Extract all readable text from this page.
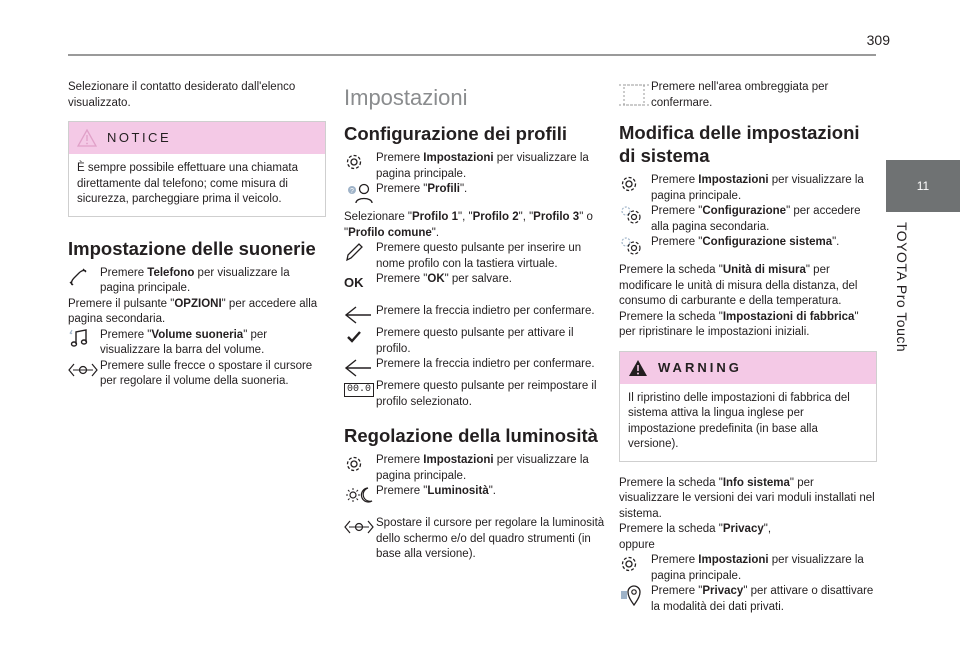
309
11
TOYOTA Pro Touch

Selezionare il contatto desiderato dall'elenco visualizzato.

NOTICE
È sempre possibile effettuare una chiamata direttamente dal telefono; come misura di sicurezza, parcheggiare prima il veicolo.
Impostazione delle suonerie
Premere Telefono per visualizzare la pagina principale.

Premere il pulsante "OPZIONI" per accedere alla pagina secondaria.

Premere "Volume suoneria" per visualizzare la barra del volume.
Premere sulle frecce o spostare il cursore per regolare il volume della suoneria.
Impostazioni
Configurazione dei profili
Premere Impostazioni per visualizzare la pagina principale.
? Premere "Profili".

Selezionare "Profilo 1", "Profilo 2", "Profilo 3" o "Profilo comune".

Premere questo pulsante per inserire un nome profilo con la tastiera virtuale.
OK Premere "OK" per salvare.
Premere la freccia indietro per confermare.
Premere questo pulsante per attivare il profilo.
Premere la freccia indietro per confermare.
00.0 Premere questo pulsante per reimpostare il profilo selezionato.
Regolazione della luminosità
Premere Impostazioni per visualizzare la pagina principale.
Premere "Luminosità".
Spostare il cursore per regolare la luminosità dello schermo e/o del quadro strumenti (in base alla versione).
Premere nell'area ombreggiata per confermare.
Modifica delle impostazioni di sistema
Premere Impostazioni per visualizzare la pagina principale.
Premere "Configurazione" per accedere alla pagina secondaria.
Premere "Configurazione sistema".

Premere la scheda "Unità di misura" per modificare le unità di misura della distanza, del consumo di carburante e della temperatura.

Premere la scheda "Impostazioni di fabbrica" per ripristinare le impostazioni iniziali.

WARNING
Il ripristino delle impostazioni di fabbrica del sistema attiva la lingua inglese per impostazione predefinita (in base alla versione).

Premere la scheda "Info sistema" per visualizzare le versioni dei vari moduli installati nel sistema.

Premere la scheda "Privacy",

oppure

Premere Impostazioni per visualizzare la pagina principale.
Premere "Privacy" per attivare o disattivare la modalità dei dati privati.
